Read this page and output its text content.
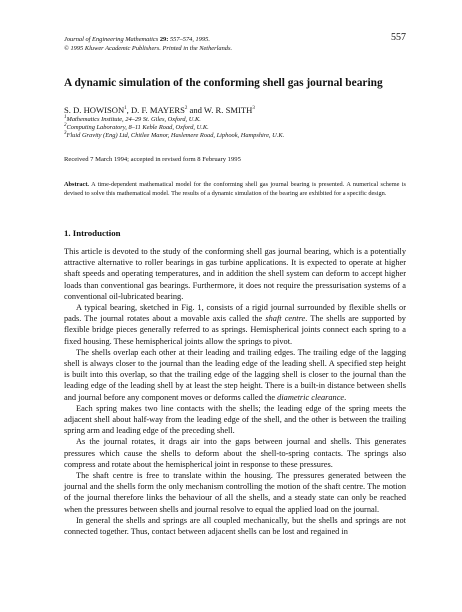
Journal of Engineering Mathematics 29: 557–574, 1995.
© 1995 Kluwer Academic Publishers. Printed in the Netherlands.
557
A dynamic simulation of the conforming shell gas journal bearing
S. D. HOWISON$^1$, D. F. MAYERS$^2$ and W. R. SMITH$^3$
$^1$Mathematics Institute, 24–29 St. Giles, Oxford, U.K.
$^2$Computing Laboratory, 8–11 Keble Road, Oxford, U.K.
$^3$Fluid Gravity (Eng) Ltd, Chitlee Manor, Haslemere Road, Liphook, Hampshire, U.K.
Received 7 March 1994; accepted in revised form 8 February 1995
Abstract. A time-dependent mathematical model for the conforming shell gas journal bearing is presented. A numerical scheme is devised to solve this mathematical model. The results of a dynamic simulation of the bearing are exhibited for a specific design.
1. Introduction

This article is devoted to the study of the conforming shell gas journal bearing, which is a potentially attractive alternative to roller bearings in gas turbine applications. It is expected to operate at higher shaft speeds and operating temperatures, and in addition the shell system can deform to accept higher loads than conventional gas bearings. Furthermore, it does not require the pressurisation systems of a conventional oil-lubricated bearing.

A typical bearing, sketched in Fig. 1, consists of a rigid journal surrounded by flexible shells or pads. The journal rotates about a movable axis called the shaft centre. The shells are supported by flexible bridge pieces generally referred to as springs. Hemispherical joints connect each spring to a fixed housing. These hemispherical joints allow the springs to pivot.

The shells overlap each other at their leading and trailing edges. The trailing edge of the lagging shell is always closer to the journal than the leading edge of the leading shell. A specified step height is built into this overlap, so that the trailing edge of the lagging shell is closer to the journal than the leading edge of the leading shell by at least the step height. There is a built-in distance between shells and journal before any component moves or deforms called the diametric clearance.

Each spring makes two line contacts with the shells; the leading edge of the spring meets the adjacent shell about half-way from the leading edge of the shell, and the other is between the trailing spring arm and leading edge of the preceding shell.

As the journal rotates, it drags air into the gaps between journal and shells. This generates pressures which cause the shells to deform about the shell-to-spring contacts. The springs also compress and rotate about the hemispherical joint in response to these pressures.

The shaft centre is free to translate within the housing. The pressures generated between the journal and the shells form the only mechanism controlling the motion of the shaft centre. The motion of the journal therefore links the behaviour of all the shells, and a steady state can only be reached when the pressures between shells and journal resolve to equal the applied load on the journal.

In general the shells and springs are all coupled mechanically, but the shells and springs are not connected together. Thus, contact between adjacent shells can be lost and regained in
